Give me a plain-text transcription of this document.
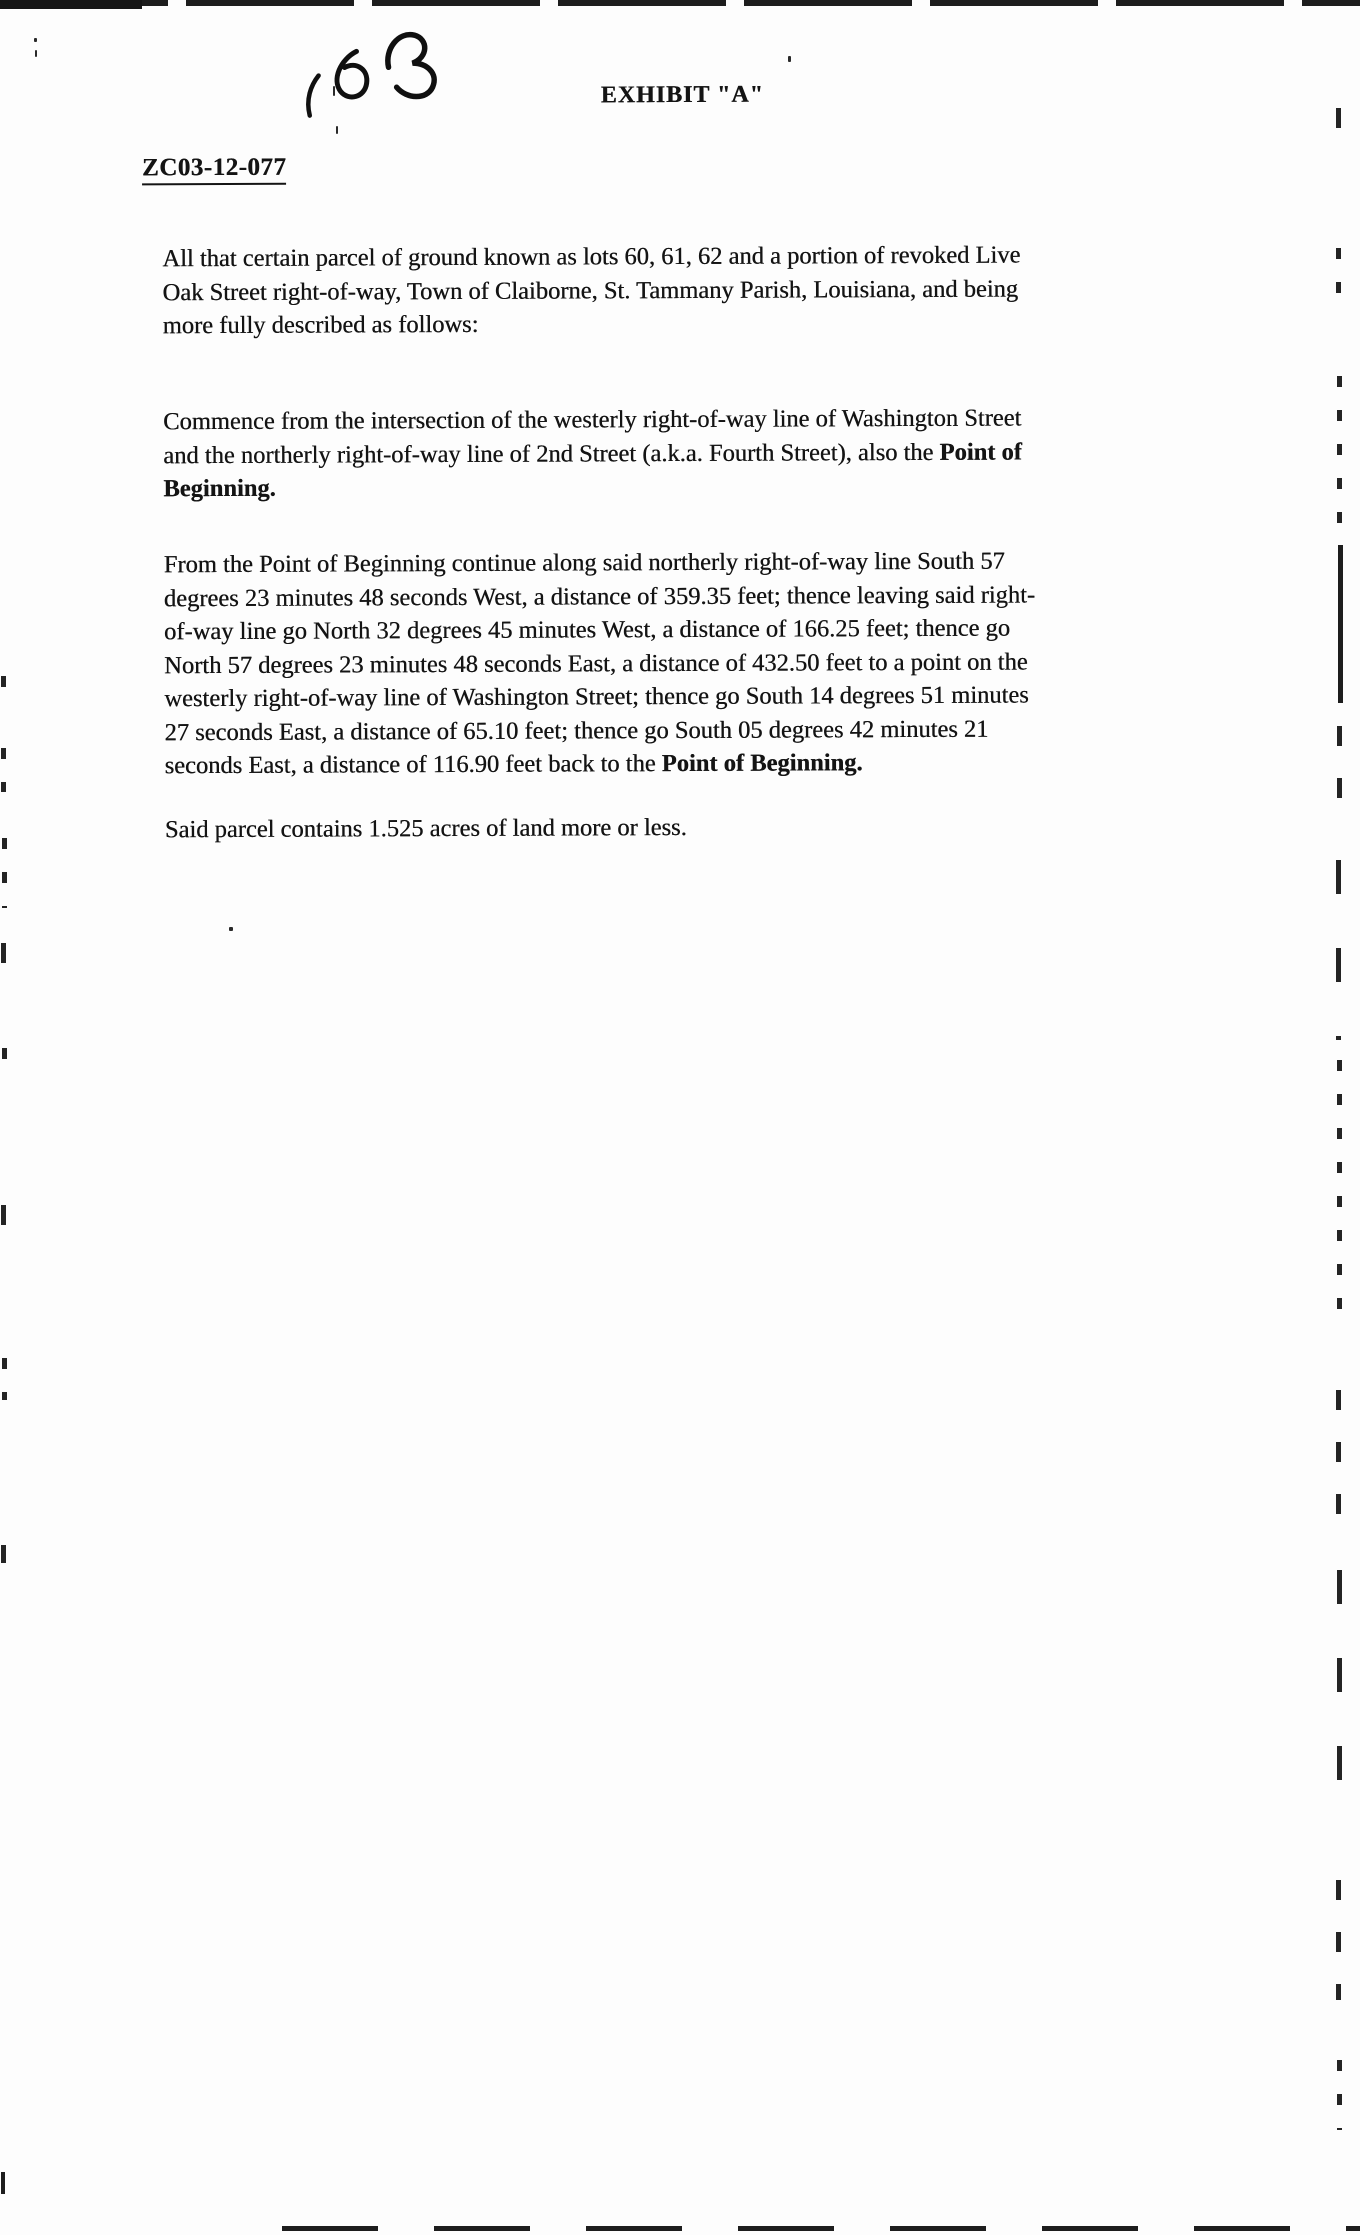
EXHIBIT "A"
ZC03-12-077
All that certain parcel of ground known as lots 60, 61, 62 and a portion of revoked Live
Oak Street right-of-way, Town of Claiborne, St. Tammany Parish, Louisiana, and being
more fully described as follows:
Commence from the intersection of the westerly right-of-way line of Washington Street
and the northerly right-of-way line of 2nd Street (a.k.a. Fourth Street), also the Point of
Beginning.
From the Point of Beginning continue along said northerly right-of-way line South 57
degrees 23 minutes 48 seconds West, a distance of 359.35 feet; thence leaving said right-
of-way line go North 32 degrees 45 minutes West, a distance of 166.25 feet; thence go
North 57 degrees 23 minutes 48 seconds East, a distance of 432.50 feet to a point on the
westerly right-of-way line of Washington Street; thence go South 14 degrees 51 minutes
27 seconds East, a distance of 65.10 feet; thence go South 05 degrees 42 minutes 21
seconds East, a distance of 116.90 feet back to the Point of Beginning.
Said parcel contains 1.525 acres of land more or less.
